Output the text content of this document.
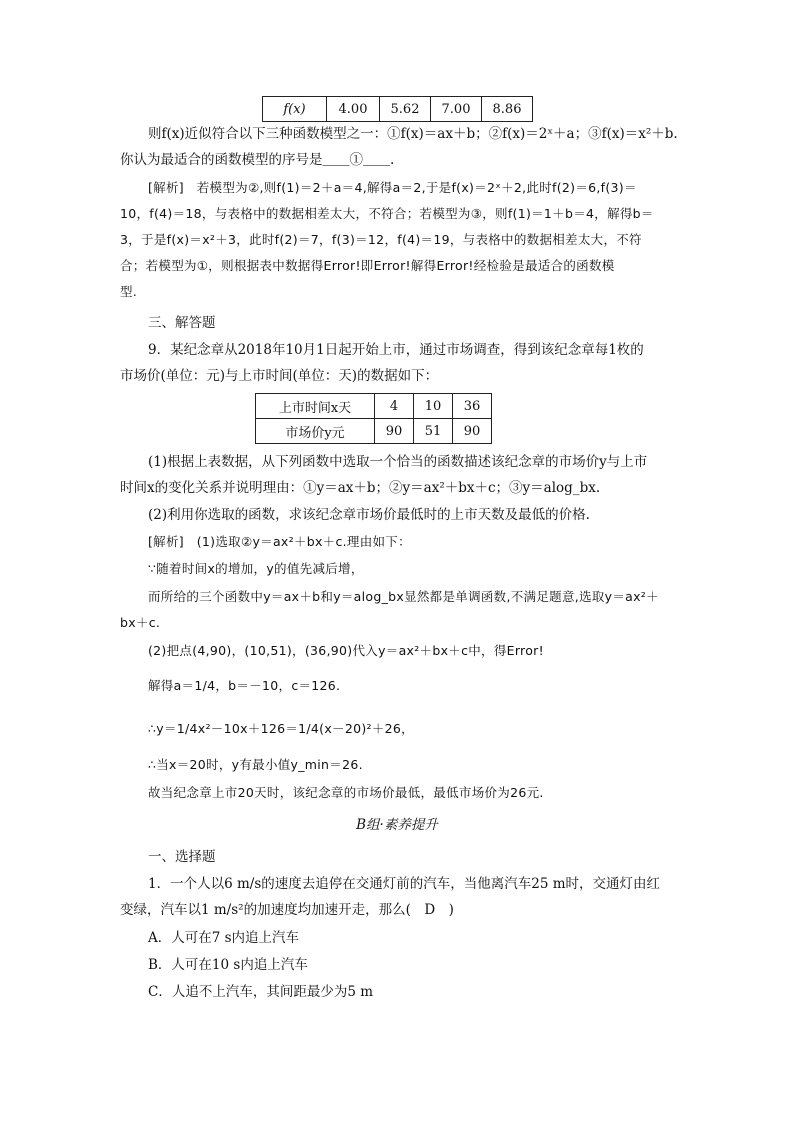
f(x)	4.00	5.62	7.00	8.86
则f(x)近似符合以下三种函数模型之一：①f(x)＝ax＋b；②f(x)＝2ˣ＋a；③f(x)＝x²＋b.
你认为最适合的函数模型的序号是＿＿①＿＿.
[解析]　若模型为②,则f(1)＝2＋a＝4,解得a＝2,于是f(x)＝2ˣ＋2,此时f(2)＝6,f(3)＝
10，f(4)＝18，与表格中的数据相差太大，不符合；若模型为③，则f(1)＝1＋b＝4，解得b＝
3，于是f(x)＝x²＋3，此时f(2)＝7，f(3)＝12，f(4)＝19，与表格中的数据相差太大，不符
合；若模型为①，则根据表中数据得Error!即Error!解得Error!经检验是最适合的函数模
型.
三、解答题
9．某纪念章从2018年10月1日起开始上市，通过市场调查，得到该纪念章每1枚的
市场价(单位：元)与上市时间(单位：天)的数据如下：
上市时间x天	4	10	36
市场价y元	90	51	90
(1)根据上表数据，从下列函数中选取一个恰当的函数描述该纪念章的市场价y与上市
时间x的变化关系并说明理由：①y＝ax＋b；②y＝ax²＋bx＋c；③y＝alog_bx.
(2)利用你选取的函数，求该纪念章市场价最低时的上市天数及最低的价格.
[解析]　(1)选取②y＝ax²＋bx＋c.理由如下：
∵随着时间x的增加，y的值先减后增，
而所给的三个函数中y＝ax＋b和y＝alog_bx显然都是单调函数,不满足题意,选取y＝ax²＋
bx＋c.
(2)把点(4,90)，(10,51)，(36,90)代入y＝ax²＋bx＋c中，得Error!
解得a＝1/4，b＝－10，c＝126.
∴y＝1/4x²－10x＋126＝1/4(x－20)²＋26，
∴当x＝20时，y有最小值y_min＝26.
故当纪念章上市20天时，该纪念章的市场价最低，最低市场价为26元.
B组·素养提升
一、选择题
1．一个人以6 m/s的速度去追停在交通灯前的汽车，当他离汽车25 m时，交通灯由红
变绿，汽车以1 m/s²的加速度均加速开走，那么(　D　)
A．人可在7 s内追上汽车
B．人可在10 s内追上汽车
C．人追不上汽车，其间距最少为5 m
